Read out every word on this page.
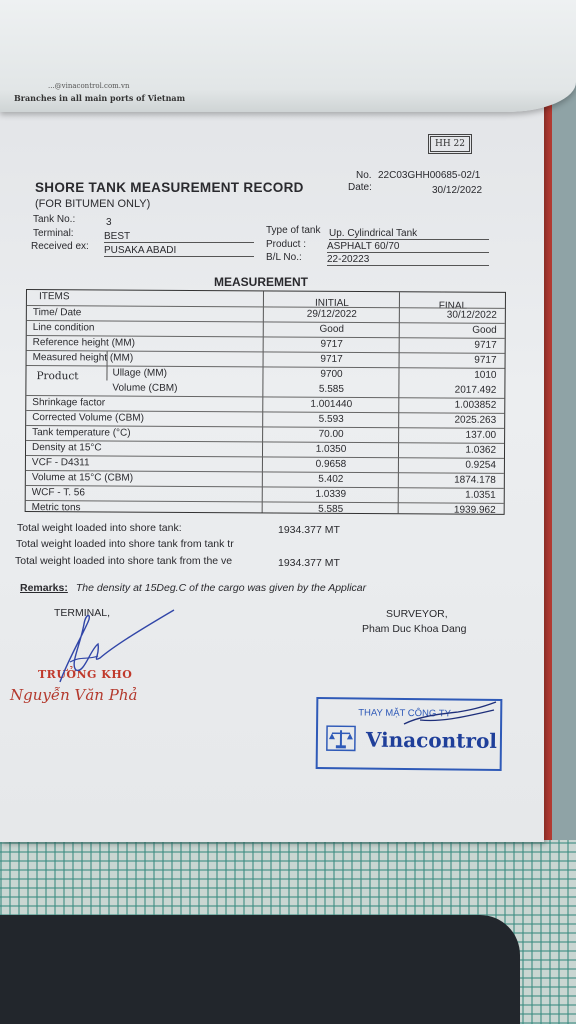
...@vinacontrol.com.vn
Branches in all main ports of Vietnam
HH 22
No. 22C03GHH00685-02/1
Date:	30/12/2022
SHORE TANK MEASUREMENT RECORD
(FOR BITUMEN ONLY)
Tank No.:	3
Terminal:	BEST
Received ex: PUSAKA ABADI
Type of tank Up. Cylindrical Tank
Product : ASPHALT 60/70
B/L No.:	22-20223
MEASUREMENT
Product
ITEMS
INITIAL	FINAL
Time/ Date	29/12/2022	30/12/2022
Line condition	Good	Good
Reference height (MM)	9717	9717
Measured height (MM)	9717	9717
Ullage (MM)	9700	1010
Volume (CBM)	5.585	2017.492
Shrinkage factor	1.001440	1.003852
Corrected Volume (CBM)	5.593	2025.263
Tank temperature (°C)	70.00	137.00
Density at 15°C	1.0350	1.0362
VCF - D4311	0.9658	0.9254
Volume at 15°C (CBM)	5.402	1874.178
WCF - T. 56	1.0339	1.0351
Metric tons	5.585	1939.962
Total weight loaded into shore tank:	1934.377 MT
Total weight loaded into shore tank from tank tr
Total weight loaded into shore tank from the ve	1934.377 MT
Remarks: The density at 15Deg.C of the cargo was given by the Applicar
TERMINAL,	SURVEYOR,
Pham Duc Khoa Dang
TRƯỞNG KHO
Nguyễn Văn Phả
THAY MẶT CÔNG TY
Vinacontrol
